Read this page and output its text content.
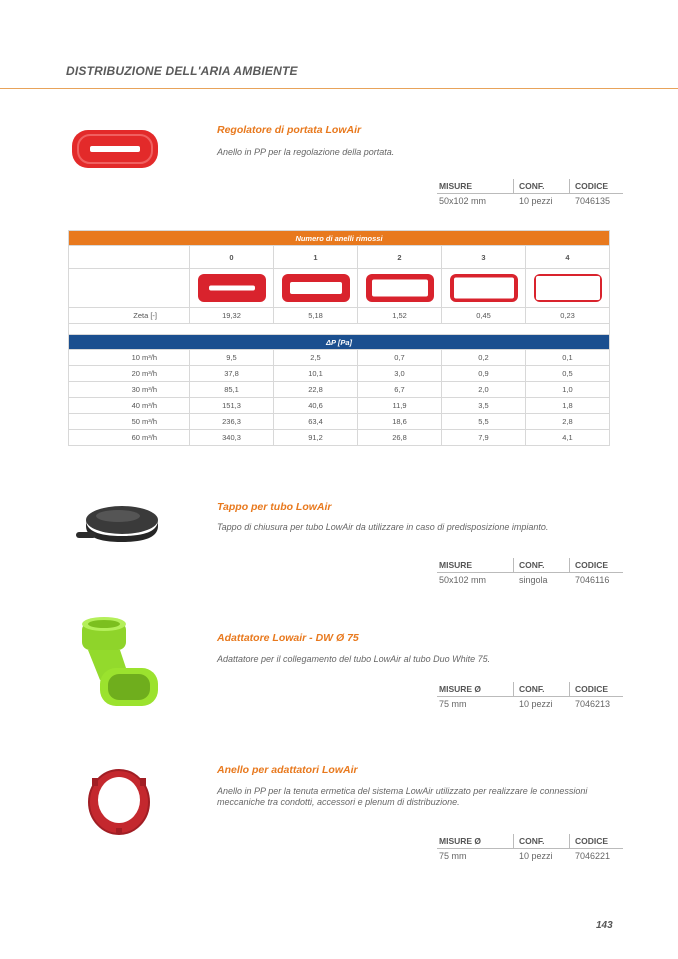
DISTRIBUZIONE DELL'ARIA AMBIENTE
Regolatore di portata LowAir
Anello in PP per la regolazione della portata.
MISURE	CONF.	CODICE
50x102 mm	10 pezzi	7046135
Numero di anelli rimossi					
	0	1	2	3	4

Zeta [-]	19,32	5,18	1,52	0,45	0,23

ΔP [Pa]					
10 m³/h	9,5	2,5	0,7	0,2	0,1
20 m³/h	37,8	10,1	3,0	0,9	0,5
30 m³/h	85,1	22,8	6,7	2,0	1,0
40 m³/h	151,3	40,6	11,9	3,5	1,8
50 m³/h	236,3	63,4	18,6	5,5	2,8
60 m³/h	340,3	91,2	26,8	7,9	4,1
Tappo per tubo LowAir
Tappo di chiusura per tubo LowAir da utilizzare in caso di predisposizione impianto.
MISURE	CONF.	CODICE
50x102 mm	singola	7046116
Adattatore Lowair - DW Ø 75
Adattatore per il collegamento del tubo LowAir al tubo Duo White 75.
MISURE Ø	CONF.	CODICE
75 mm	10 pezzi	7046213
Anello per adattatori LowAir
Anello in PP per la tenuta ermetica del sistema LowAir utilizzato per realizzare le connessioni meccaniche tra condotti, accessori e plenum di distribuzione.
MISURE Ø	CONF.	CODICE
75 mm	10 pezzi	7046221
143
